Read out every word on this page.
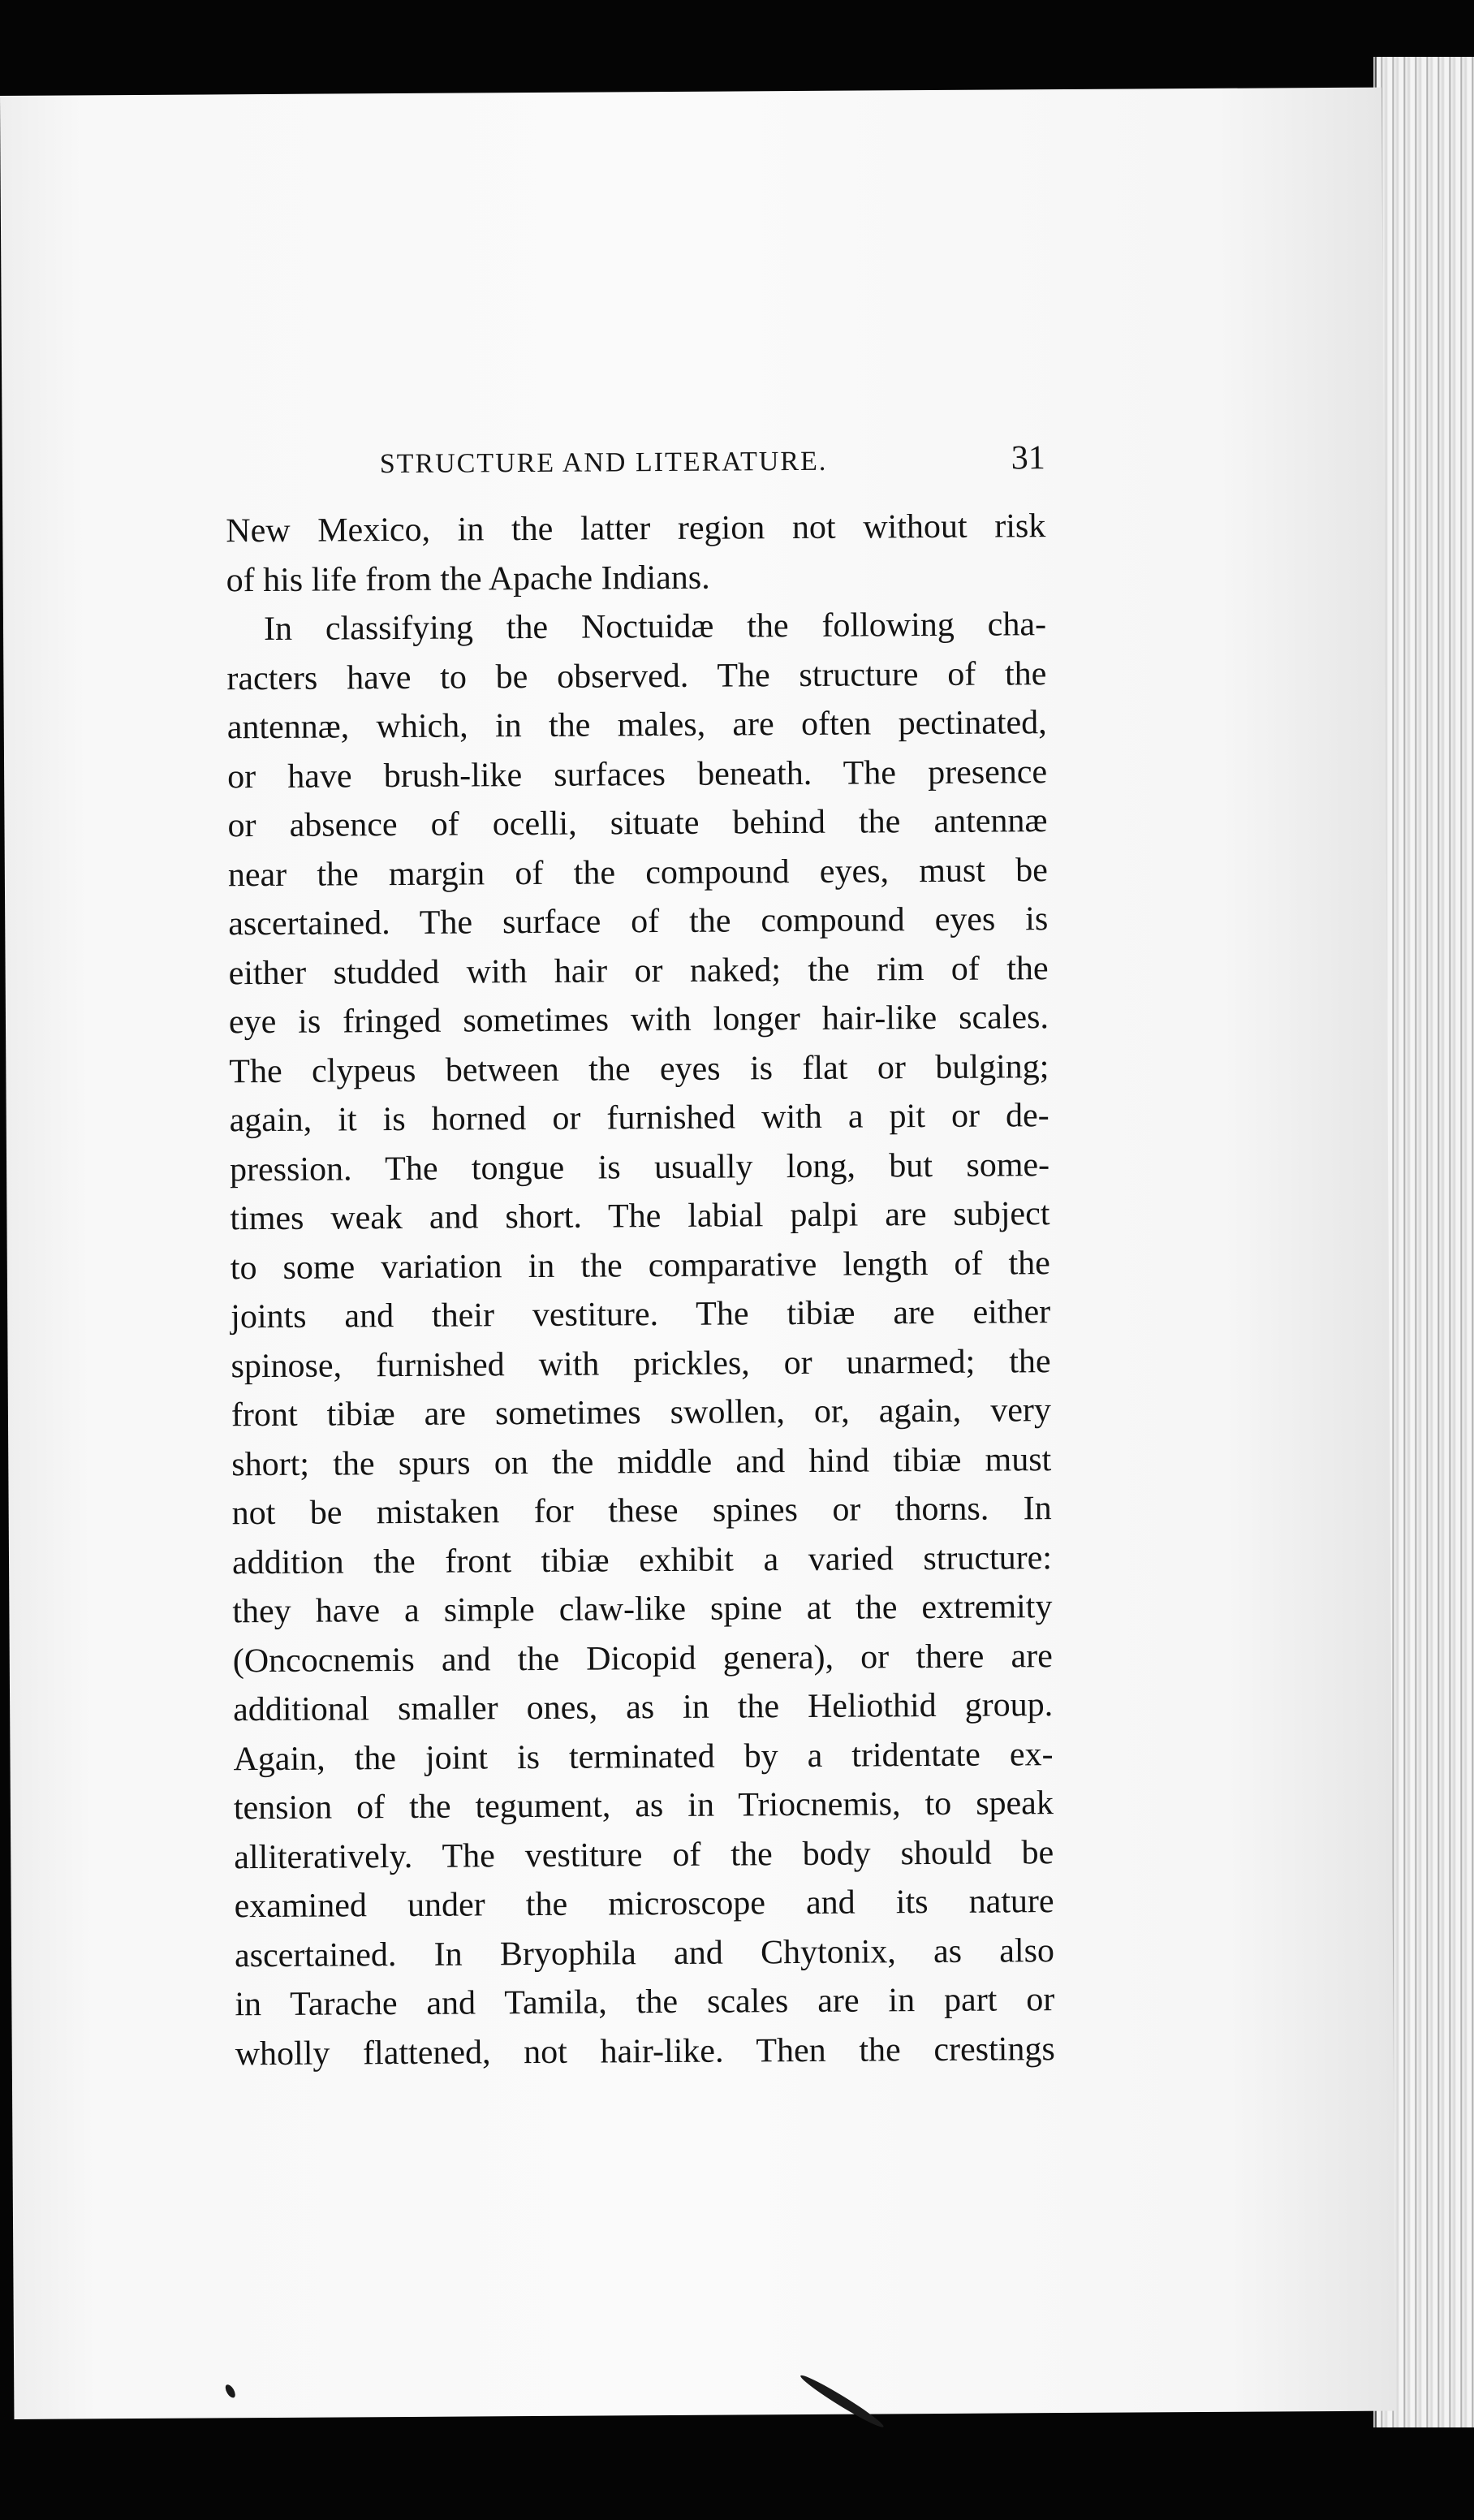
STRUCTURE AND LITERATURE.	31
New Mexico, in the latter region not without risk
of his life from the Apache Indians.
In classifying the Noctuidæ the following cha-
racters have to be observed. The structure of the
antennæ, which, in the males, are often pectinated,
or have brush-like surfaces beneath. The presence
or absence of ocelli, situate behind the antennæ
near the margin of the compound eyes, must be
ascertained. The surface of the compound eyes is
either studded with hair or naked; the rim of the
eye is fringed sometimes with longer hair-like scales.
The clypeus between the eyes is flat or bulging;
again, it is horned or furnished with a pit or de-
pression. The tongue is usually long, but some-
times weak and short. The labial palpi are subject
to some variation in the comparative length of the
joints and their vestiture. The tibiæ are either
spinose, furnished with prickles, or unarmed; the
front tibiæ are sometimes swollen, or, again, very
short; the spurs on the middle and hind tibiæ must
not be mistaken for these spines or thorns. In
addition the front tibiæ exhibit a varied structure:
they have a simple claw-like spine at the extremity
(Oncocnemis and the Dicopid genera), or there are
additional smaller ones, as in the Heliothid group.
Again, the joint is terminated by a tridentate ex-
tension of the tegument, as in Triocnemis, to speak
alliteratively. The vestiture of the body should be
examined under the microscope and its nature
ascertained. In Bryophila and Chytonix, as also
in Tarache and Tamila, the scales are in part or
wholly flattened, not hair-like. Then the crestings
